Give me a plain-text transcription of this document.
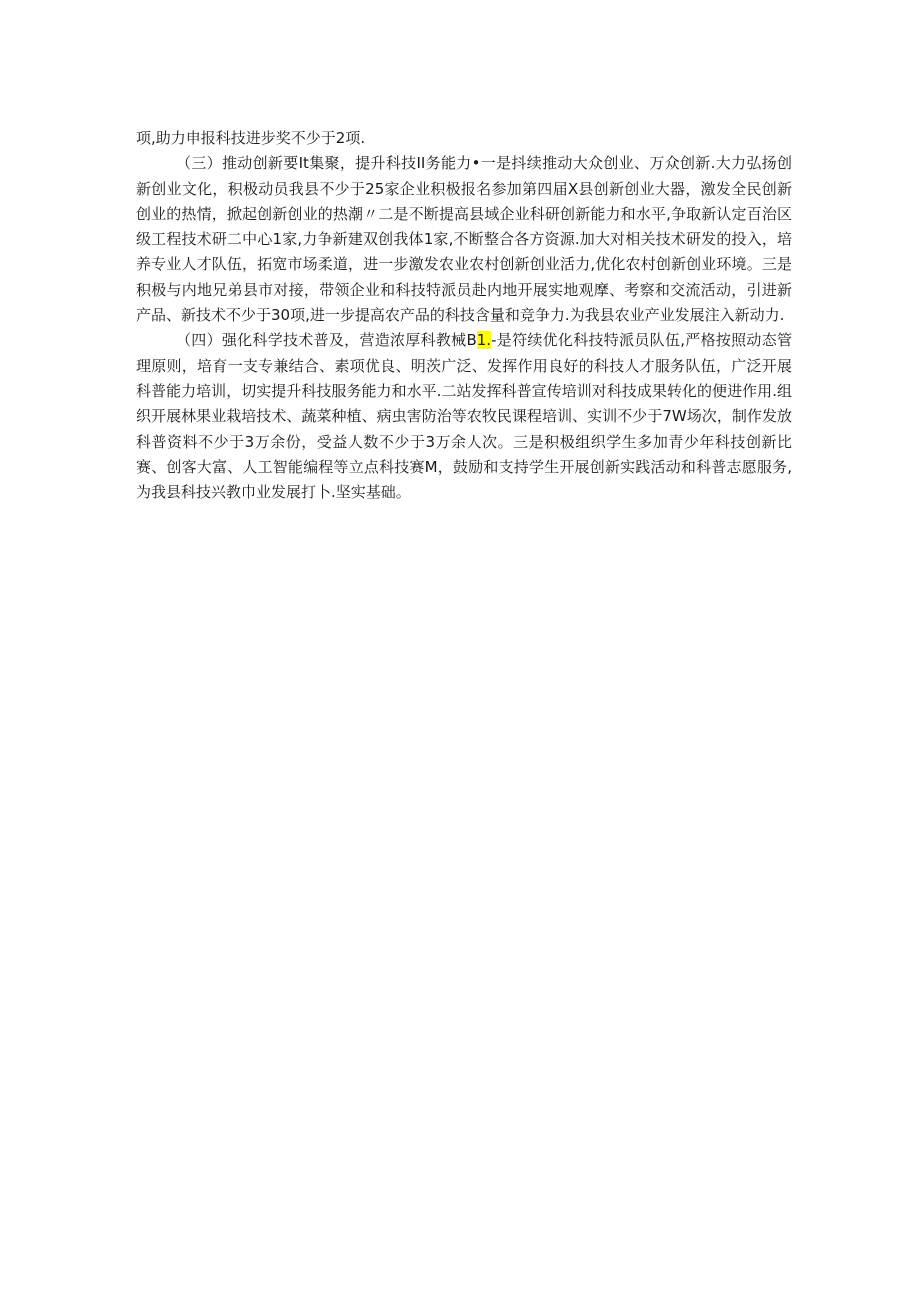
项,助力申报科技进步奖不少于2项.

（三）推动创新要It集聚，提升科技II务能力•一是抖续推动大众创业、万众创新.大力弘扬创新创业文化，积极动员我县不少于25家企业积极报名参加第四届X县创新创业大器，激发全民创新创业的热情，掀起创新创业的热潮〃二是不断提高县域企业科研创新能力和水平,争取新认定百治区级工程技术研二中心1家,力争新建双创我体1家,不断整合各方资源.加大对相关技术研发的投入，培养专业人才队伍，拓宽市场柔道，进一步激发农业农村创新创业活力,优化农村创新创业环境。三是积极与内地兄弟县市对接，带领企业和科技特派员赴内地开展实地观摩、考察和交流活动，引进新产品、新技术不少于30项,进一步提高农产品的科技含量和竞争力.为我县农业产业发展注入新动力.

（四）强化科学技术普及，营造浓厚科教械B1.-是符续优化科技特派员队伍,严格按照动态管理原则，培育一支专兼结合、素项优良、明茨广泛、发挥作用良好的科技人才服务队伍，广泛开展科普能力培训，切实提升科技服务能力和水平.二站发挥科普宣传培训对科技成果转化的便进作用.组织开展林果业栽培技术、蔬菜种植、病虫害防治等农牧民课程培训、实训不少于7W场次，制作发放科普资料不少于3万余份，受益人数不少于3万余人次。三是积极组织学生多加青少年科技创新比赛、创客大富、人工智能编程等立点科技赛M，鼓励和支持学生开展创新实践活动和科普志愿服务,为我县科技兴教巾业发展打卜.坚实基础。
